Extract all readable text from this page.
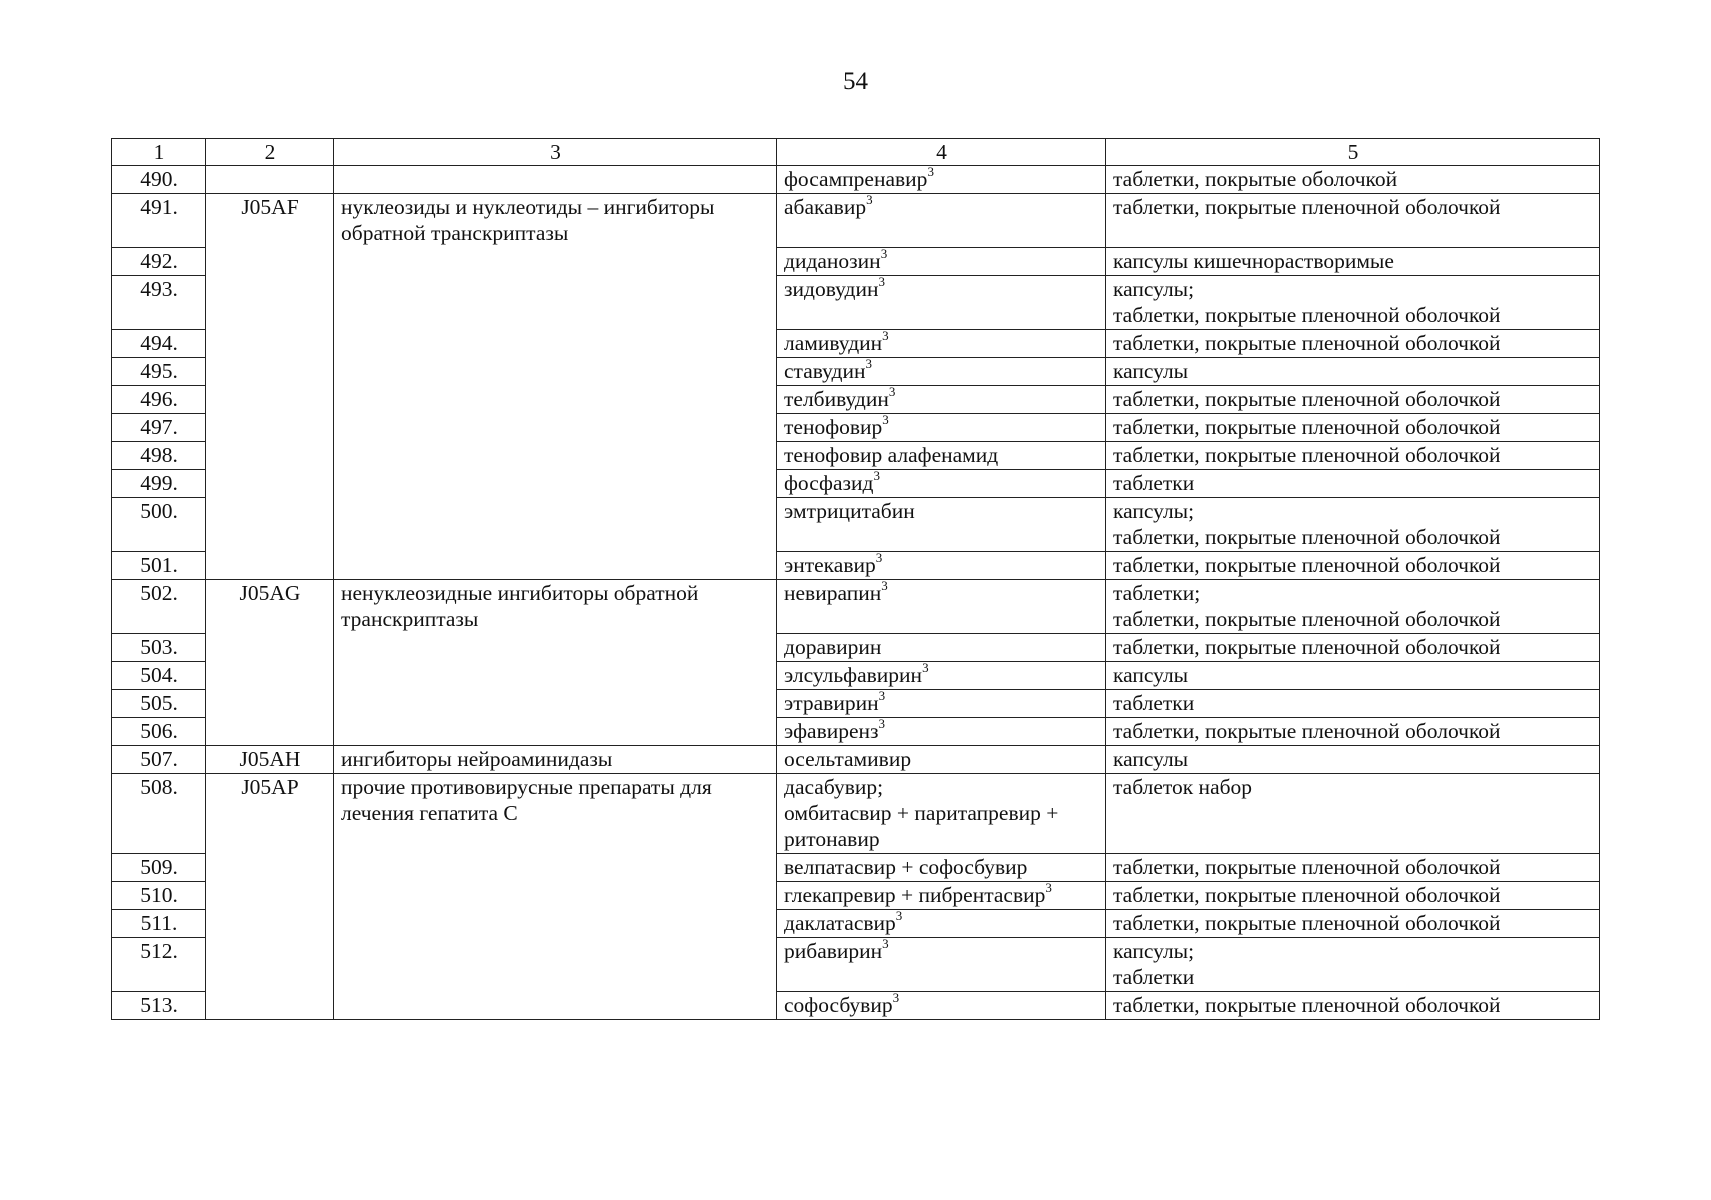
54
1	2	3	4	5
490.			фосампренавир$^3$	таблетки, покрытые оболочкой

491.	J05AF	нуклеозиды и нуклеотиды – ингибиторы
обратной транскриптазы	абакавир$^3$	таблетки, покрытые пленочной оболочкой

492.			диданозин$^3$	капсулы кишечнорастворимые

493.			зидовудин$^3$	капсулы;
таблетки, покрытые пленочной оболочкой

494.			ламивудин$^3$	таблетки, покрытые пленочной оболочкой

495.			ставудин$^3$	капсулы

496.			телбивудин$^3$	таблетки, покрытые пленочной оболочкой

497.			тенофовир$^3$	таблетки, покрытые пленочной оболочкой

498.			тенофовир алафенамид	таблетки, покрытые пленочной оболочкой

499.			фосфазид$^3$	таблетки

500.			эмтрицитабин	капсулы;
таблетки, покрытые пленочной оболочкой

501.			энтекавир$^3$	таблетки, покрытые пленочной оболочкой

502.	J05AG	ненуклеозидные ингибиторы обратной
транскриптазы	невирапин$^3$	таблетки;
таблетки, покрытые пленочной оболочкой

503.			доравирин	таблетки, покрытые пленочной оболочкой

504.			элсульфавирин$^3$	капсулы

505.			этравирин$^3$	таблетки

506.			эфавиренз$^3$	таблетки, покрытые пленочной оболочкой

507.	J05AH	ингибиторы нейроаминидазы	осельтамивир	капсулы

508.	J05AP	прочие противовирусные препараты для
лечения гепатита С	дасабувир;
омбитасвир + паритапревир +
ритонавир	таблеток набор

509.			велпатасвир + софосбувир	таблетки, покрытые пленочной оболочкой

510.			глекапревир + пибрентасвир$^3$	таблетки, покрытые пленочной оболочкой

511.			даклатасвир$^3$	таблетки, покрытые пленочной оболочкой

512.			рибавирин$^3$	капсулы;
таблетки

513.			софосбувир$^3$	таблетки, покрытые пленочной оболочкой
